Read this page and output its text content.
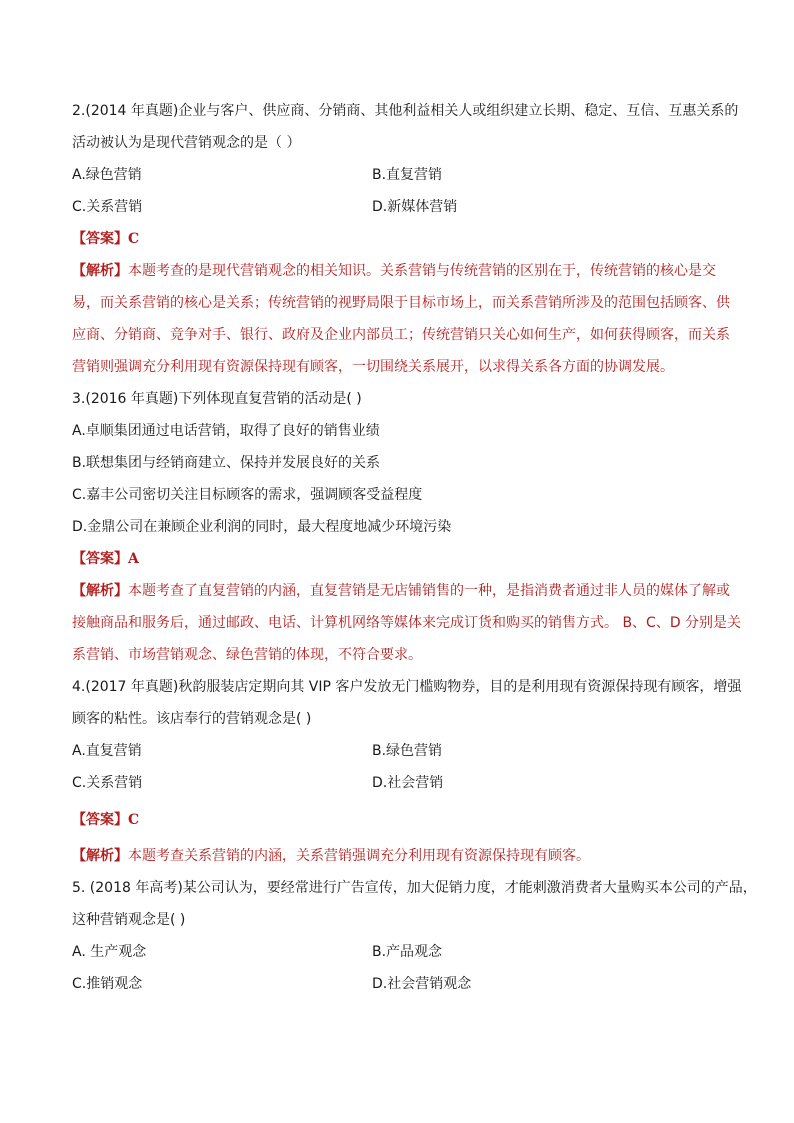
2.(2014 年真题)企业与客户、供应商、分销商、其他利益相关人或组织建立长期、稳定、互信、互惠关系的
活动被认为是现代营销观念的是（ ）
A.绿色营销	B.直复营销
C.关系营销	D.新媒体营销
【答案】C
【解析】本题考查的是现代营销观念的相关知识。关系营销与传统营销的区别在于，传统营销的核心是交
易，而关系营销的核心是关系；传统营销的视野局限于目标市场上，而关系营销所涉及的范围包括顾客、供
应商、分销商、竞争对手、银行、政府及企业内部员工；传统营销只关心如何生产，如何获得顾客，而关系
营销则强调充分利用现有资源保持现有顾客，一切围绕关系展开，以求得关系各方面的协调发展。
3.(2016 年真题)下列体现直复营销的活动是( )
A.卓顺集团通过电话营销，取得了良好的销售业绩
B.联想集团与经销商建立、保持并发展良好的关系
C.嘉丰公司密切关注目标顾客的需求，强调顾客受益程度
D.金鼎公司在兼顾企业利润的同时，最大程度地减少环境污染
【答案】A
【解析】本题考查了直复营销的内涵，直复营销是无店铺销售的一种，是指消费者通过非人员的媒体了解或
接触商品和服务后，通过邮政、电话、计算机网络等媒体来完成订货和购买的销售方式。 B、C、D 分别是关
系营销、市场营销观念、绿色营销的体现，不符合要求。
4.(2017 年真题)秋韵服装店定期向其 VIP 客户发放无门槛购物券，目的是利用现有资源保持现有顾客，增强
顾客的粘性。该店奉行的营销观念是( )
A.直复营销	B.绿色营销
C.关系营销	D.社会营销
【答案】C
【解析】本题考查关系营销的内涵，关系营销强调充分利用现有资源保持现有顾客。
5. (2018 年高考)某公司认为，要经常进行广告宣传，加大促销力度，才能刺激消费者大量购买本公司的产品，
这种营销观念是( )
A. 生产观念	B.产品观念
C.推销观念	D.社会营销观念
